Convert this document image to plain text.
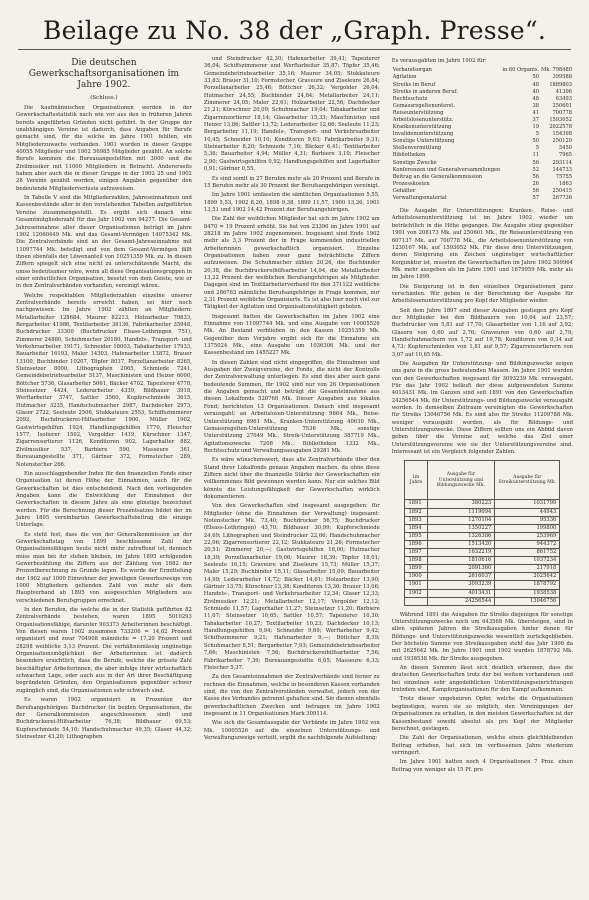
Beilage zu No. 38 der „Graph. Presse“.
Die deutschen Gewerkschaftsorganisationen im Jahre 1902.
(Schluss.)

Die kaufmännischen Organisationen werden in der Gewerkschaftsstatistik nach wie vor aus den in früheren Jahren bereits angeführten Gründen nicht geführt. In der Gruppe der unabhängigen Vereine ist dadurch, dass Angaben für Berufe gemacht sind, für die solche im Jahre 1901 fehlten, ein Mitgliederzuwachs vorhanden. 1901 wurden in dieser Gruppe 40055 Mitglieder und 1902 56985 Mitglieder gezählt. An solche Berufe kommen die Bureauangestellten mit 3000 und die Zivilmusiker mit 11000 Mitgliedern in Betracht. Andererseits haben aber auch die in dieser Gruppe in der 1902 25 und 1902 28 Vereine gezählt worden, einigen Angaben gegenüber den bedeutende Mitgliederverluste aufzuweisen.

In Tabelle V sind die Mitgliederzahlen, Jahreseinnahmen und Kassenbestände aller in den vorstehenden Tabellen aufgeführten Vereine zusammengestellt. Es ergibt sich danach eine Gesamtmitgliederzahl für das Jahr 1902 von 94277. Die Gesamt-Jahreseinnahme aller dieser Organisationen beträgt im Jahre 1902 12060449 Mk. und das Gesamt-Vermögen 14075342 Mk. Die Zentralverbände sind an der Gesamt-Jahreseinnahme mit 11097744 Mk. beteiligt und von dem Gesamt-Vermögen fällt ihnen ebenfalls der Löwenanteil von 10251359 Mk. zu. In diesen Ziffern spiegelt sich eine nicht zu unterschätzende Macht, die umso bedeutsamer wäre, wenn all diese Organisationsgruppen in einer einheitlichen Organisation, besetzt von dem Geiste, wie er in den Zentralverbänden vorhanden, vereinigt wären.

Welche respektablen Mitgliederzahlen einzelne unserer Zentralverbände bereits erreicht haben, sei hier noch nachgewiesen. Im Jahre 1902 zählten an Mitgliedern: Metallarbeiter 128684, Maurer 82213, Holzarbeiter 70833, Bergarbeiter 41986, Textilarbeiter 38136, Fabrikarbeiter 35948, Buchdrucker 33300 (Buchdrucker Elsass-Lothringen 751), Zimmerer 24880, Schuhmacher 20180, Handels-, Transport- und Verkehrsarbeiter 19171, Schneider 18003, Tabakarbeiter 17933, Bauarbeiter 16193, Maler 14303, Hafenarbeiter 13872, Brauer 13100, Buchbinder 10207, Töpfer 8037, Porzellanarbeiter 8265, Steinsetzer 8000, Lithographen 2065, Schmiede 7241, Gemeindebetriebsarbeiter 5137, Maschinisten und Heizer 6000, Böttcher 5736, Glasarbeiter 5061, Bäcker 4702, Tapezierer 4778, Steinsetzer 4424, Lederarbeiter 4339, Bildhauer 3918, Werftarbeiter 3747, Sattler 3560, Kupferschmiede 3615, Hutmacher 3235, Handschuhmacher 2987, Dachdecker 2973, Glaser 2722, Seeleute 2506, Stukkateure 2553, Schiffszimmerer 2092, Buchdruckerei-Hilfsarbeiter 1900, Müller 1902, Gastwirtsgehilfen 1924, Handlungsgehilfen 1770, Fleischer 1577, Isolierer 1502, Vergolder 1419, Kürschner 1347, Zigarrensortierer 1126, Konditoren 902, Lagerhalter 882, Zivilmusiker 537, Barbiere 590, Masseure 361, Bureauangestellte 371, Gärtner 372, Formstecher 289, Notenstecher 266.

Ein ausschlaggebender Index für den finanziellen Fonds einer Organisation ist deren Höhe der Einnahmen, auch für die Gewerkschaften ist dies entscheidend. Nach den vorliegenden Angaben kann die Entwicklung der Einnahmen der Gewerkschaften in diesem Jahre als eine günstige bezeichnet werden. Für die Berechnung dieser Prozentsatzes bildet der im Jahre 1895 vereinbarten Gewerkschaftsbeitrag die einzige Unterlage.

Es steht fest, dass die von der Generalkommission an der Gewerkschaftstag von 1899 beschlossene Zahl der Organisationsfähigen heute nicht mehr zutreffend ist, dennoch muss man bei ihr stehen bleiben, im Jahre 1895 erfolgenden Gewerbezählung die Ziffern aus der Zählung von 1882 der Prozentberechnung zu Grunde legen. Es wurde der Ermittelung der 1902 auf 1000 Einwohner der jeweiligen Gewerbszweige von 1000 Mitgliedern geltenden Zahl von mehr als dem Hauptverband ab 1895 von ausgesuchten Mitgliedern aus verschiedenen Berufsgruppen errechnet.

In den Berufen, die welche die in der Statistik geführten 82 Zentralverbände bestehen, waren 1895 5010293 Organisationsfähige, darunter 903373 Arbeiterinnen beschäftigt. Von diesen waren 1902 zusammen 733206 = 14,62 Prozent organisiert und zwar 704908 männliche = 17,20 Prozent und 28298 weibliche 3,13 Prozent. Die verhältnismässig ungünstige Organisationsmöglichkeit der Arbeiterinnen ist dadurch besonders ersichtlich, dass die Berufe, welche die grösste Zahl beschäftigter Arbeiterinnen, die aber infolge ihrer wirtschaftlich schwachen Lage, oder auch aus in der Art ihrer Beschäftigung begründeten Gründen, den Organisationen gegenüber schwer zugänglich sind, die Organisationen sehr schwach sind.

Es waren 1902 organisiert in Prozenten der Berufsangehörigen: Buchdrucker (in beiden Organisationen, die der Generalkommission angeschlossenen sind) und Buchdruckerei-Hilfsarbeiter 76,38; Bildhauer 69,53; Kupferschmiede 54,10; Handschuhmacher 49,35; Glaser 44,32; Steinsetzer 43,20; Lithographen

und Steindrucker 42,30; Hafenarbeiter 39,41; Tapezierer 36,04; Schiffszimmerer und Werftarbeiter 35,87; Töpfer 35,46; Gemeindebetriebsarbeiter 35,16; Maurer 34,05; Stukkateure 33,83; Brauer 31,10; Formstecher, Graveure und Ziseleure 26,84; Porzellanarbeiter 25,46; Böttcher 26,32; Vergolder 26,04; Hutmacher 24,55; Buchbinder 24,84; Metallarbeiter 24,11; Zimmerer 24,05; Maler 22,61; Holzarbeiter 22,56; Dachdecker 21,21; Kürschner 20,09; Schuhmacher 19,04; Tabakarbeiter und Zigarrensortierer 18,14; Glasarbeiter 15,33; Maschinisten und Heizer 13,86; Sattler 13,72; Lederarbeiter 12,66; Seeleute 11,23; Bergarbeiter 11,19; Handels-, Transport- und Verkehrsarbeiter 10,45; Schneider 10,10; Konditoren 9,63; Fabrikarbeiter 9,31; Steinarbeiter 8,20; Schmiede 7,16; Bäcker 6,41; Textilarbeiter 5,36; Bauarbeiter 4,94; Müller 4,31; Barbiere 3,10; Fleischer 2,90; Gastwirtsgehilfen 0,92; Handlungsgehilfen und Lagerhalter 0,91; Gärtner 0,55.

Es sind somit in 27 Berufen mehr als 20 Prozent und Berufe in 15 Berufen mehr als 30 Prozent der Berufsangehörigen vereinigt.

Im Jahre 1901 umfassten die sämtlichen Organisationen 5,55, 1899 5,53, 1902 8,20, 1898 9,38, 1899 11,57, 1900 13,26, 1901 13,51 und 1902 14,42 Prozent der Berufsangehörigen.

Die Zahl der weiblichen Mitglieder hat sich im Jahre 1902 um 8470 = 19 Prozent erhöht. Sie hat von 23390 im Jahre 1901 auf 28218 im Jahre 1902 zugenommen. Insgesamt sind Ende 1902 mehr als 3,3 Prozent der in Frage kommenden industriellen Arbeiterinnen gewerkschaftlich organisiert. Einzelne Organisationen haben zwar ganz beträchtliche Ziffern aufzuweisen. Die Schuhmacher zählen 20,26, die Buchbinder 20,38, die Buchdruckereihilfsarbeiter 14,94, die Metallarbeiter 13,22 Prozent der weiblichen Berufsangehörigen als Mitglieder. Dagegen sind im Textilarbeiterverband für den 371122 weibliche und 286783 männliche Berufsangehörige in Frage kommen, nur 2,31 Prozent weibliche Organisierte. Es ist also hier noch viel zur Tätigkeit der Agitation und Organisationstätigkeit geboten.

Insgesamt hatten die Gewerkschaften im Jahre 1902 eine Einnahme von 11097744 Mk. und eine Ausgabe von 10005526 Mk. An Bestand verblieben in den Kassen 10251359 Mk. Gegenüber dem Vorjahre ergibt sich für die Einnahme ein 1375024 Mk., eine Ausgabe um 1036306 Mk. und der Kassenbestand um 1455227 Mk.

In diesen Zahlen sind nicht eingegriffen, die Einnahmen und Ausgaben der Zweigvereine, der Fonds, die nicht der Kontrolle der Zentralverwaltung unterliegen. Es sind dies aber auch ganz bedeutende Summen, für 1902 sind nur von 26 Organisationen die Angaben gemacht und beträgt die Gesamteinnahme aus diesen Lokalfonds 520768 Mk. Dieser Ausgaben aus lokalen Fond; berichteten 13 Organisationen. Danach sind insgesamt verausgabt: an Arbeitslosen-Unterstützung 9664 Mk., Reise-Unterstützung 6961 Mk., Kranken-Unterstützung 40630 Mk., Gemassregelten-Unterstützung 7536 Mk., sonstige Unterstützung 27049 Mk., Streik-Unterstützung 387719 Mk., Agitationszwecke 7208 Mk., Bibliotheken 1332 Mk., Rechtsschutz und Verwaltungsausgaben 29281 Mk.

Es wäre wünschenswert, dass alle Zentralverbände über den Stand ihrer Lokalfonds genaue Angaben machen, da ohne diese Ziffern nicht über die finanzielle Stärke der Gewerkschaften ein vollkommenes Bild gewonnen werden kann. Nur ein solches Bild könnte die Leistungsfähigkeit der Gewerkschaften wirklich dokumentieren.

Von den Gewerkschaften sind insgesamt ausgegeben: für Mitglieder (ohne die Einnahmen der Verwaltung) insgesamt: Notenstecher Mk. 73,40; Buchdrucker 56,75; Buchdrucker (Elsass-Lothringen) 43,70; Bildhauer 30,99; Kupferschmiede 24,69; Lithographen und Steindrucker 22,66; Handschuhmacher 22,06; Zigarrensortierer 22,12; Stukkateure 21,26; Formstecher 20,51; Zimmerer 20,—; Gastwirtsgehilfen 18,00; Hutmacher 18,39; Porzellanarbeiter 19,06; Maurer 18,39; Töpfer 18,01; Seeleute 16,15; Graveure und Ziseleure 15,73; Müller 15,37; Maler 15,29; Buchbinder 15,11; Glasarbeiter 15,09; Bauarbeiter 14,99; Lederarbeiter 14,72; Bäcker 14,61; Holzarbeiter 13,90; Gärtner 13,75; Kürschner 13,38; Konditoren 13,30; Brauer 13,06; Handels-, Transport- und Verkehrsarbeiter 12,34; Glaser 12,33; Zivilmusiker 12,21; Metallarbeiter 12,17; Vergolder 12,12; Schmiede 11,57; Lagerhalter 11,27; Steinsetzer 11,20; Barbiere 11,07; Steinsetzer 10,65; Sattler 10,57; Tapezierer 10,30; Tabakarbeiter 10,27; Textilarbeiter 10,23; Dachdecker 10,13; Handlungsgehilfen 9,94; Schneider 9,69; Werftarbeiter 9,42; Schiffszimmerer 9,21; Hafenarbeiter 9,—; Böttcher 8,39; Schuhmacher 8,51; Bergarbeiter 7,93; Gemeindebetriebsarbeiter 7,66; Maschinisten 7,56; Buchdruckereihilfsarbeiter 7,56; Fabrikarbeiter 7,39; Bureauangestellte 6,65; Masseure 6,33; Fleischer 5,37.

Zu den Gesamteinnahmen der Zentralverbände sind ferner zu rechnen die Einnahmen, welche in besonderen Kassen vorhanden sind, die von den Zentralvorständen verwaltet, jedoch von der Kasse des Verbandes getrennt gehalten sind. Sie dienen ebenfalls gewerkschaftlichen Zwecken und betragen im Jahre 1902 insgesamt in 11 Organisationen Mark 309114.

Wie sich die Gesamtausgabe der Verbände im Jahre 1902 von Mk. 10005526 auf die einzelnen Unterstützungs- und Verwaltungszweige verteilt, ergibt die nachfolgende Aufstellung:

Es verausgabten im Jahre 1902 für:
Verbandsorgan	in 60 Organis.	Mk. 798480
Agitation	50	399588
Streiks im Beruf	48	1889803
Streiks in anderen Beruf.	40	41306
Rechtsschutz	48	63493
Gemassregeltenunterst.	38	250601
Reiseunterstützung	41	700778
Arbeitslosenunterstütz.	37	1593052
Krankenunterstützung	19	2022578
Invalidenunterstützung	5	154398
Sonstige Unterstützung	50	250129
Stellenvermittlung	5	5450
Bibliotheken	11	7965
Sonstige Zwecke	56	293114
Konferenzen und Generalversammlungen	52	144733
Beitrag an die Generalkommission	56	75755
Prozesskosten	26	1863
Gehälter	56	250415
Verwaltungsmaterial	57	267736

Die Ausgabe für Unterstützungen: Kranken-, Reise- und Arbeitslosenunterstützung ist im Jahre 1902 wieder um beträchtlich in die Höhe gegangen. Die Ausgabe stieg gegenüber 1901 von 208173 Mk. auf 250601 Mk., für Reiseunterstützung von 607137 Mk. auf 700778 Mk., die Arbeitslosenunterstützung von 1230167 Mk. auf 1593052 Mk. Für diese drei Unterstützungen, deren Steigerung ein Zeichen ungünstiger wirtschaftlicher Konjunktur ist, mussten die Gewerkschaften im Jahre 1902 509964 Mk. mehr ausgeben als im Jahre 1901 und 1679959 Mk. mehr als im Jahre 1899.

Die Steigerung ist in den einzelnen Organisationen ganz verschieden. Wir geben in der Berechnung der Ausgabe für Arbeitslosenunterstützung pro Kopf der Mitglieder wieder.

Seit dem Jahre 1897 sind dieser Ausgaben gestiegen pro Kopf der Mitglieder bei den Bildhauern von 10,04 auf 23,57; Buchdrucker von 5,81 auf 17,70; Glasarbeiter von 1,16 auf 3,92; Glasern von 0,60 auf 2,76; Graveuren von 0,60 auf 2,79; Handschuhmachern von 1,72 auf 19,78; Konditoren von 0,34 auf 4,73; Kupferschmieden von 1,81 auf 9,57; Zigarrensortierern von 3,07 auf 10,65 Mk.

Die Ausgaben für Unterstützung- und Bildungszwecke zeigen uns ganz in die gross bedeutenden Massen. Im Jahre 1901 wurden von den Gewerkschaften insgesamt für 3093239 Mk. verausgabt. Für das Jahr 1902 beläuft der diese aufgewendeten Summe 4013431 Mk. Im Ganzen sind seit 1891 von den Gewerkschaften 24256544 Mk. für Unterstützungs- und Bildungszwecke verausgabt worden. In demselben Zeitraum vereinigten die Gewerkschaften für Streiks 13046756 Mk. Es sind also für Streiks 11209788 Mk. weniger verausgabt worden, als für Bildungs- und Unterstützungszwecke. Diese Ziffern sollten uns ein Abbild davon geben über die Vereine auf, welche das Ziel einer Unterstützungsvereine wie sie der Unterstützungsvereine sind. Interessant ist ein Vergleich folgender Zahlen.

Im Jahre	Ausgabe für Unterstützung und Bildungszwecke Mk.	Ausgabe für Streikunterstützung Mk.
1891	380223	1031799
1892	1119094	44943
1893	1270104	95336
1894	1350227	199800
1895	1326386	253969
1896	1513420	944372
1897	1632219	861752
1898	1810616	1037234
1899	2091360	217918
1900	2616037	2025642
1901	3093239	1878792
1902	4013431	1938538
	24256544	13046756

Während 1891 die Ausgaben für Streiks diejenigen für sonstige Unterstützungszwecke noch um 643568 Mk. übersteigen, sind in allen späteren Jahren die Streikausgaben hinter denen für Bildungs- und Unterstützungszwecke wesentlich zurückgeblieben. Der höchsten Summe von Streikausgaben steht das Jahr 1900 da mit 2625642 Mk. Im Jahre 1901 und 1902 wurden 1878792 Mk. und 1938538 Mk. für Streiks ausgegeben.

An diesen Summen lässt sich deutlich erkennen, dass die deutschen Gewerkschaften trotz der bei weitem vorhandenen und bei einzelnen sehr angedeihlichen Unterstützungseinrichtungen trotzdem sind, Kampforganisationen für den Kampf aufkommen.

Trotz dieser ungeheuren Opfer, welche die Organisationen begünstigen, waren sie so möglich, den Vereinigungen der Organisationen zu erhalten, in den meisten Gewerkschaften ist der Kassenbestand sowohl absolut als pro Kopf der Mitglieder berechnet, gestiegen.

Die Zahl der Organisationen, welche einen gleichbleibenden Beitrag erheben, hat sich im verflossenen Jahre wiederum verringert.

Im Jahre 1901 hatten noch 4 Organisationen 7 Proz. einen Beitrag von weniger als 15 Pf. pro
